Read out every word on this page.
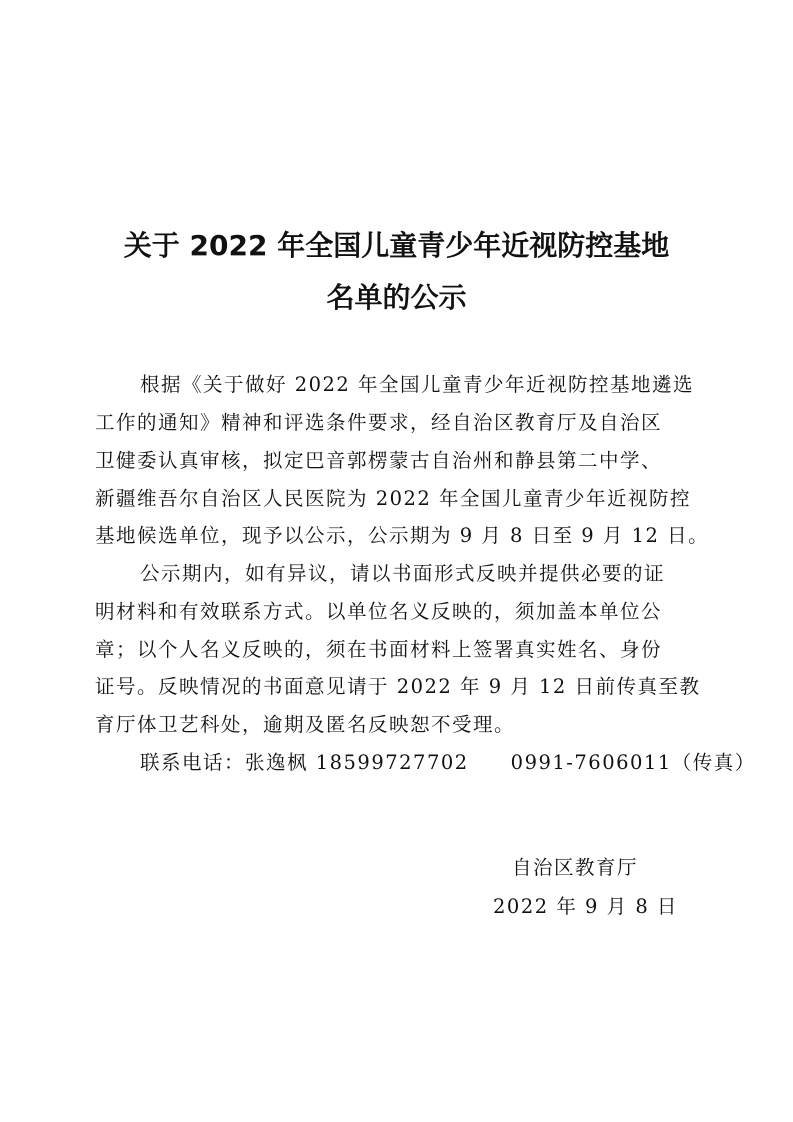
关于 2022 年全国儿童青少年近视防控基地
名单的公示
根据《关于做好 2022 年全国儿童青少年近视防控基地遴选
工作的通知》精神和评选条件要求，经自治区教育厅及自治区
卫健委认真审核，拟定巴音郭楞蒙古自治州和静县第二中学、
新疆维吾尔自治区人民医院为 2022 年全国儿童青少年近视防控
基地候选单位，现予以公示，公示期为 9 月 8 日至 9 月 12 日。
公示期内，如有异议，请以书面形式反映并提供必要的证
明材料和有效联系方式。以单位名义反映的，须加盖本单位公
章；以个人名义反映的，须在书面材料上签署真实姓名、身份
证号。反映情况的书面意见请于 2022 年 9 月 12 日前传真至教
育厅体卫艺科处，逾期及匿名反映恕不受理。
联系电话：张逸枫 18599727702　　0991-7606011（传真）
自治区教育厅
2022 年 9 月 8 日
